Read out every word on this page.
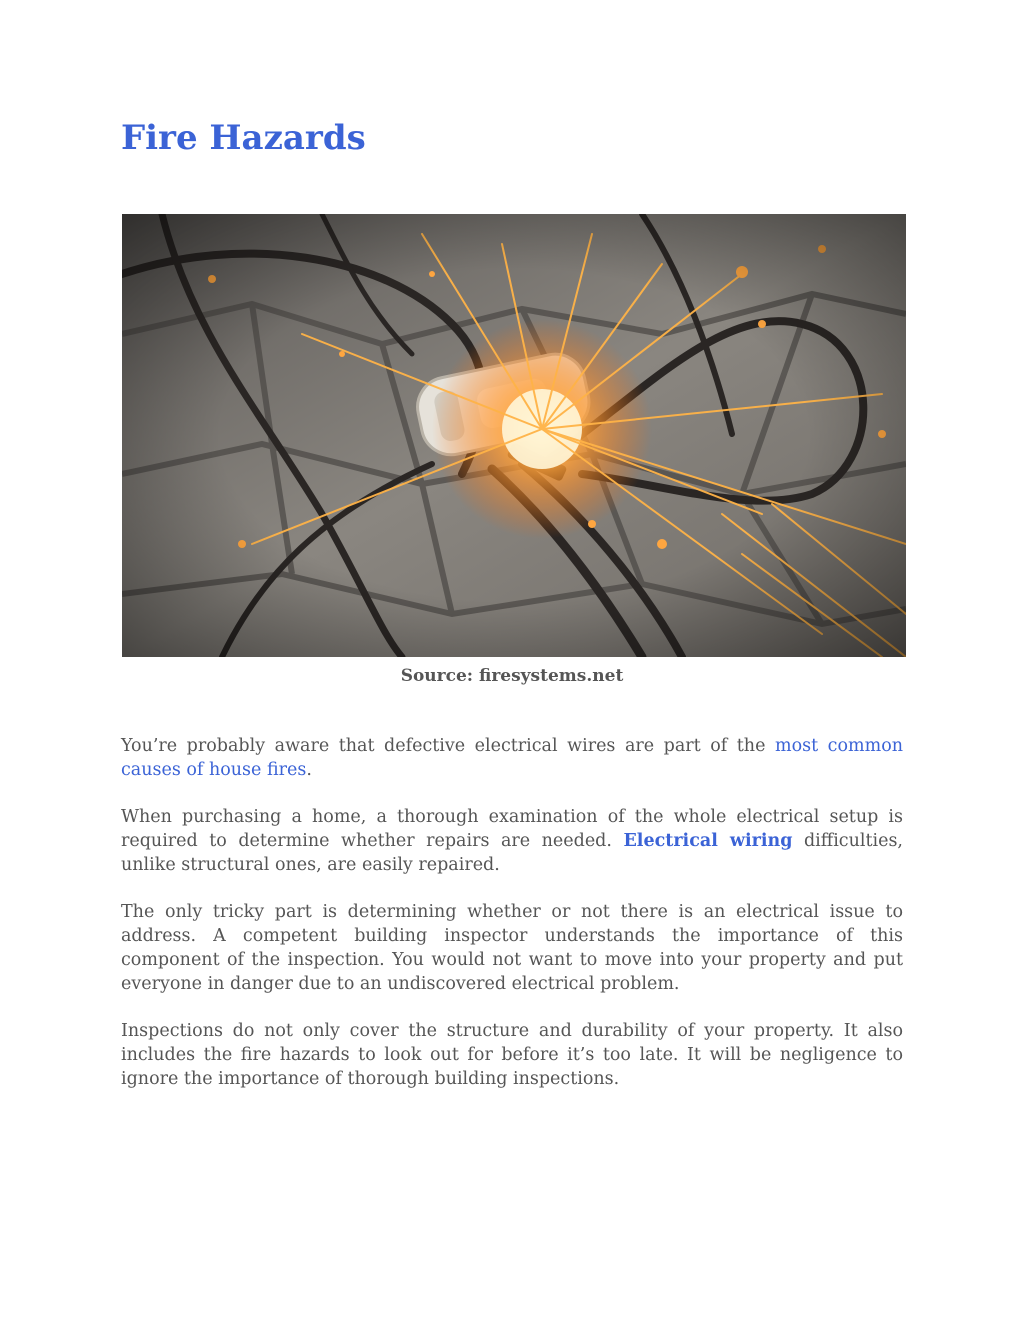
Fire Hazards
Source: firesystems.net

You’re probably aware that defective electrical wires are part of the most common causes of house fires.

When purchasing a home, a thorough examination of the whole electrical setup is required to determine whether repairs are needed. Electrical wiring difficulties, unlike structural ones, are easily repaired.

The only tricky part is determining whether or not there is an electrical issue to address. A competent building inspector understands the importance of this component of the inspection. You would not want to move into your property and put everyone in danger due to an undiscovered electrical problem.

Inspections do not only cover the structure and durability of your property. It also includes the fire hazards to look out for before it’s too late. It will be negligence to ignore the importance of thorough building inspections.
